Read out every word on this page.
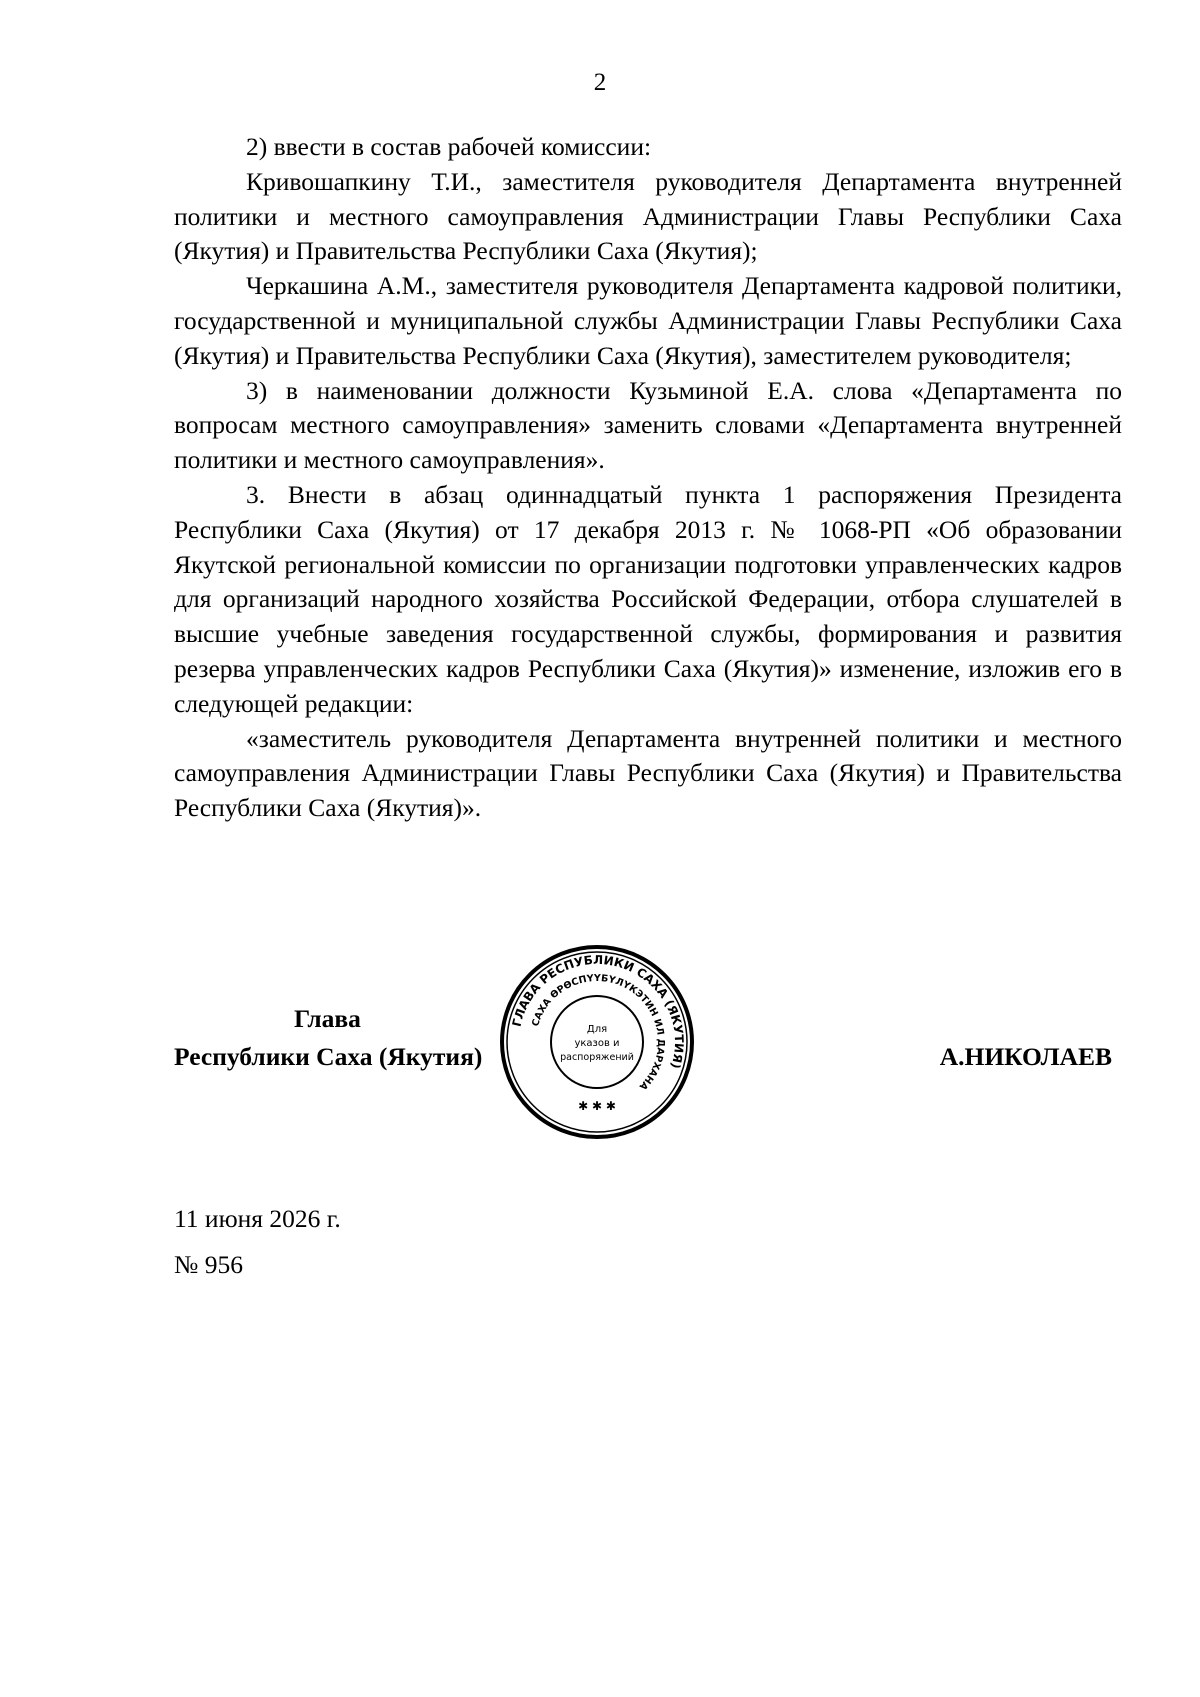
2

2) ввести в состав рабочей комиссии:

Кривошапкину Т.И., заместителя руководителя Департамента внутренней политики и местного самоуправления Администрации Главы Республики Саха (Якутия) и Правительства Республики Саха (Якутия);

Черкашина А.М., заместителя руководителя Департамента кадровой политики, государственной и муниципальной службы Администрации Главы Республики Саха (Якутия) и Правительства Республики Саха (Якутия), заместителем руководителя;

3) в наименовании должности Кузьминой Е.А. слова «Департамента по вопросам местного самоуправления» заменить словами «Департамента внутренней политики и местного самоуправления».

3. Внести в абзац одиннадцатый пункта 1 распоряжения Президента Республики Саха (Якутия) от 17 декабря 2013 г. № 1068-РП «Об образовании Якутской региональной комиссии по организации подготовки управленческих кадров для организаций народного хозяйства Российской Федерации, отбора слушателей в высшие учебные заведения государственной службы, формирования и развития резерва управленческих кадров Республики Саха (Якутия)» изменение, изложив его в следующей редакции:

«заместитель руководителя Департамента внутренней политики и местного самоуправления Администрации Главы Республики Саха (Якутия) и Правительства Республики Саха (Якутия)».

Глава
Республики Саха (Якутия)	А.НИКОЛАЕВ
ГЛАВА РЕСПУБЛИКИ САХА (ЯКУТИЯ)
САХА ӨРӨСПҮҮБҮЛҮКЭТИН ИЛ ДАРХАНА
Для
указов и
распоряжений
✱ ✱ ✱
11 июня 2026 г.
№ 956
